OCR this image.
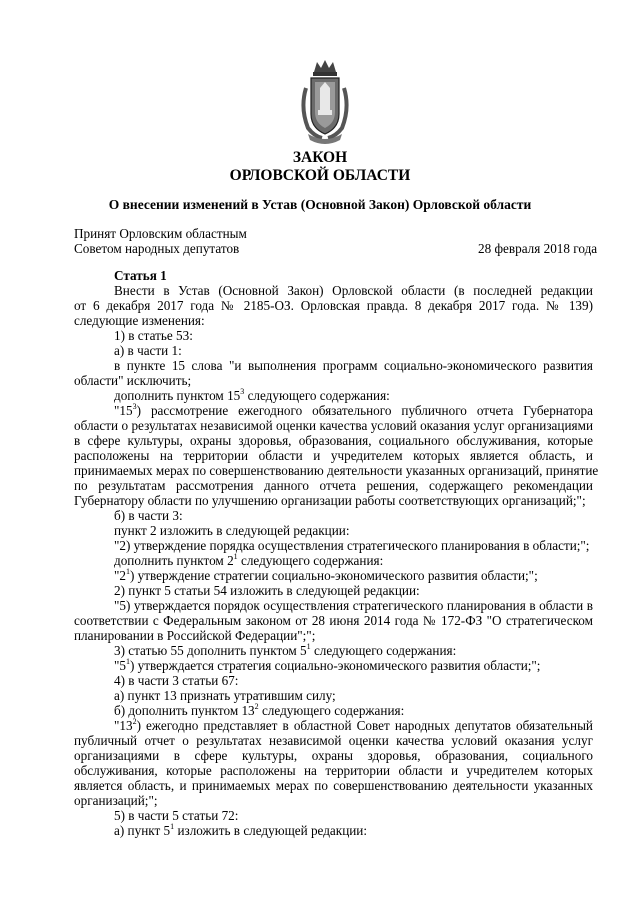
ЗАКОН
ОРЛОВСКОЙ ОБЛАСТИ
О внесении изменений в Устав (Основной Закон) Орловской области
Принят Орловским областным
Советом народных депутатов	28 февраля 2018 года
Статья 1
Внести в Устав (Основной Закон) Орловской области (в последней редакции
от 6 декабря 2017 года № 2185-ОЗ. Орловская правда. 8 декабря 2017 года. № 139)
следующие изменения:
1) в статье 53:
а) в части 1:
в пункте 15 слова "и выполнения программ социально-экономического развития
области" исключить;
дополнить пунктом $15^3$ следующего содержания:
"$15^3$ ) рассмотрение ежегодного обязательного публичного отчета Губернатора
области о результатах независимой оценки качества условий оказания услуг организациями
в сфере культуры, охраны здоровья, образования, социального обслуживания, которые
расположены на территории области и учредителем которых является область, и
принимаемых мерах по совершенствованию деятельности указанных организаций, принятие
по результатам рассмотрения данного отчета решения, содержащего рекомендации
Губернатору области по улучшению организации работы соответствующих организаций;";
б) в части 3:
пункт 2 изложить в следующей редакции:
"2) утверждение порядка осуществления стратегического планирования в области;";
дополнить пунктом $2^1$ следующего содержания:
"$2^1$) утверждение стратегии социально-экономического развития области;";
2) пункт 5 статьи 54 изложить в следующей редакции:
"5) утверждается порядок осуществления стратегического планирования в области в
соответствии с Федеральным законом от 28 июня 2014 года № 172-ФЗ "О стратегическом
планировании в Российской Федерации";";
3) статью 55 дополнить пунктом $5^1$ следующего содержания:
"$5^1$) утверждается стратегия социально-экономического развития области;";
4) в части 3 статьи 67:
а) пункт 13 признать утратившим силу;
б) дополнить пунктом $13^2$ следующего содержания:
"$13^2$ ) ежегодно представляет в областной Совет народных депутатов обязательный
публичный отчет о результатах независимой оценки качества условий оказания услуг
организациями в сфере культуры, охраны здоровья, образования, социального
обслуживания, которые расположены на территории области и учредителем которых
является область, и принимаемых мерах по совершенствованию деятельности указанных
организаций;";
5) в части 5 статьи 72:
а) пункт $5^1$ изложить в следующей редакции:
